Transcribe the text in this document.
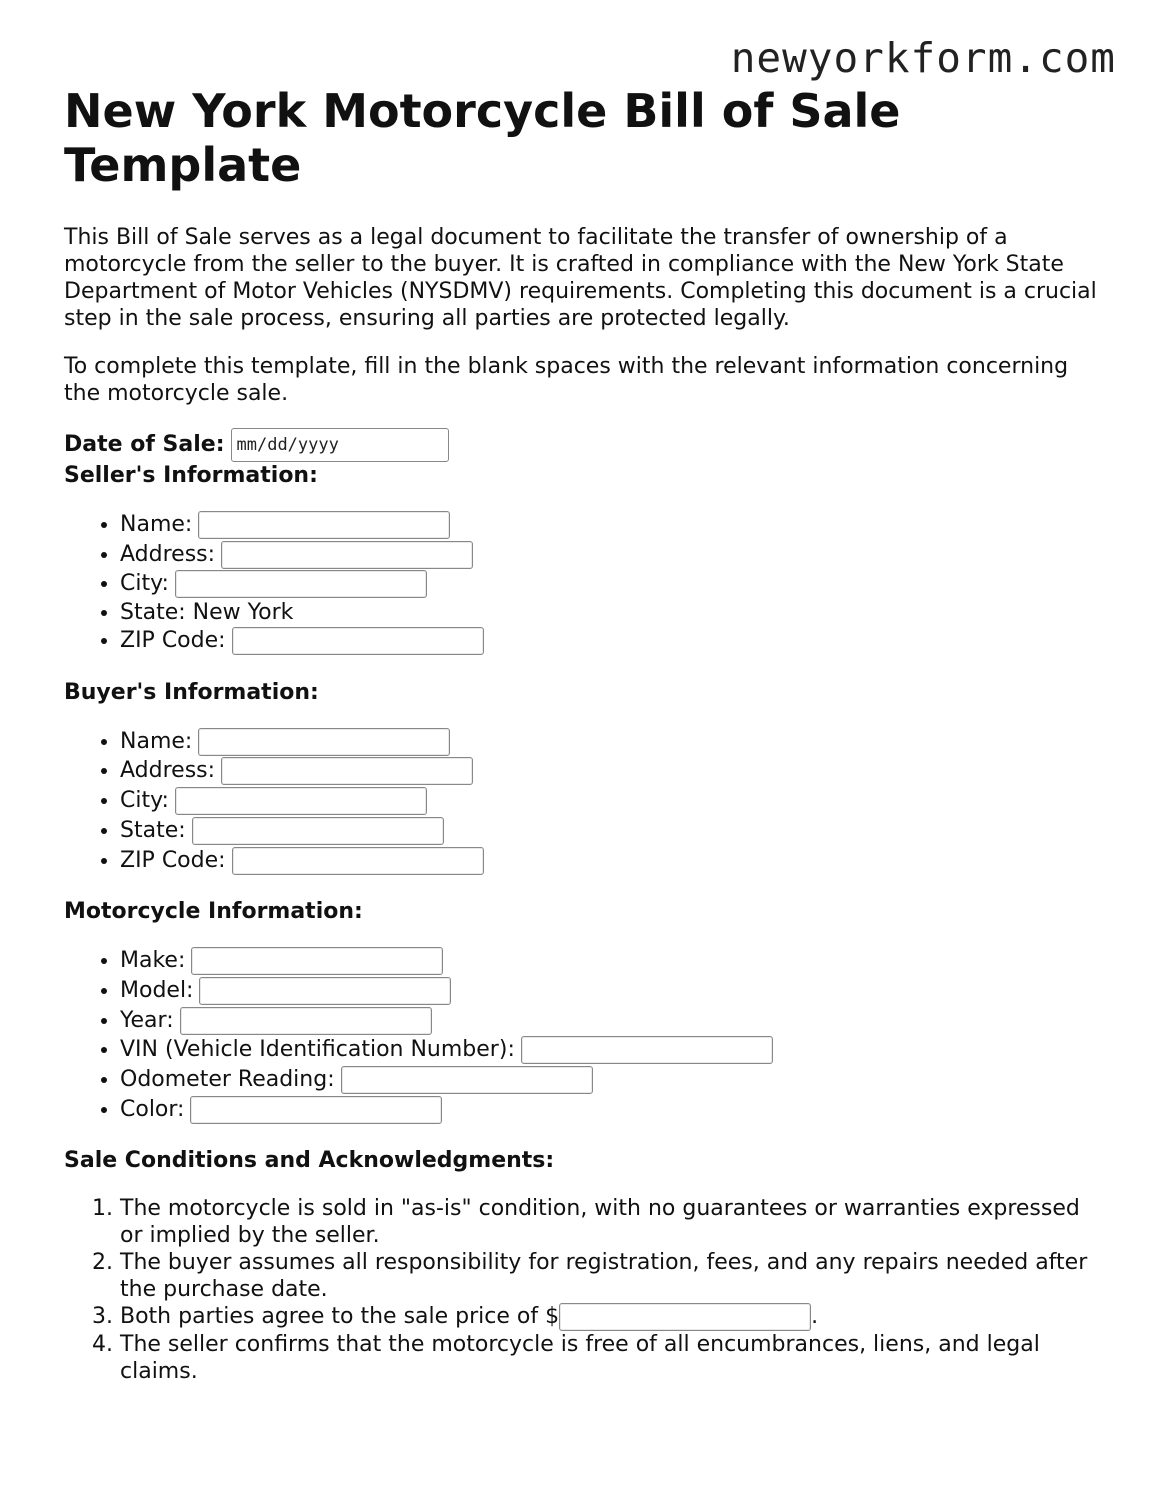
newyorkform.com
New York Motorcycle Bill of Sale Template

This Bill of Sale serves as a legal document to facilitate the transfer of ownership of a motorcycle from the seller to the buyer. It is crafted in compliance with the New York State Department of Motor Vehicles (NYSDMV) requirements. Completing this document is a crucial step in the sale process, ensuring all parties are protected legally.

To complete this template, fill in the blank spaces with the relevant information concerning the motorcycle sale.

Date of Sale: mm/dd/yyyy
Seller's Information:
• Name:
• Address:
• City:
• State: New York
• ZIP Code:
Buyer's Information:
• Name:
• Address:
• City:
• State:
• ZIP Code:
Motorcycle Information:
• Make:
• Model:
• Year:
• VIN (Vehicle Identification Number):
• Odometer Reading:
• Color:
Sale Conditions and Acknowledgments:
1. The motorcycle is sold in "as-is" condition, with no guarantees or warranties expressed or implied by the seller.
2. The buyer assumes all responsibility for registration, fees, and any repairs needed after the purchase date.
3. Both parties agree to the sale price of $	.
4. The seller confirms that the motorcycle is free of all encumbrances, liens, and legal claims.
